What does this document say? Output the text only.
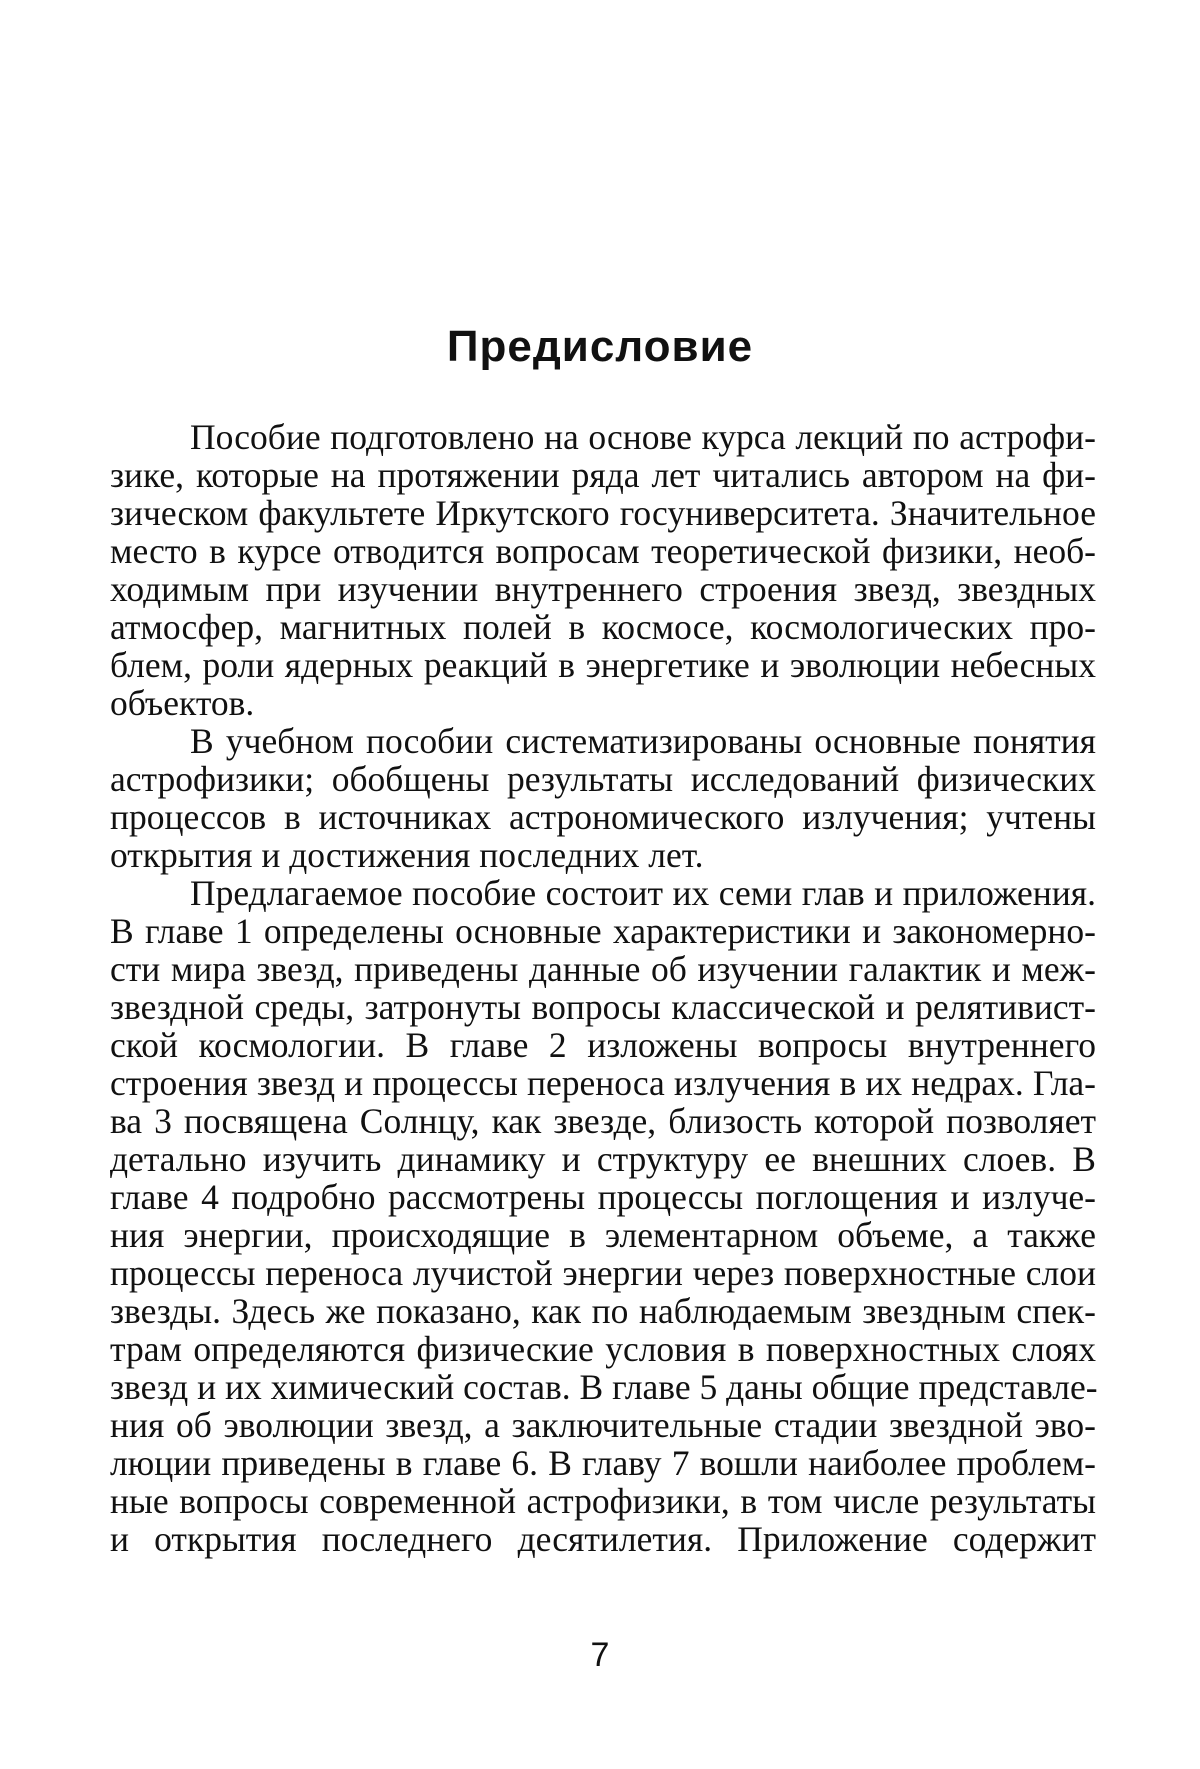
Предисловие
Пособие подготовлено на основе курса лекций по астрофи-
зике, которые на протяжении ряда лет читались автором на фи-
зическом факультете Иркутского госуниверситета. Значительное
место в курсе отводится вопросам теоретической физики, необ-
ходимым при изучении внутреннего строения звезд, звездных
атмосфер, магнитных полей в космосе, космологических про-
блем, роли ядерных реакций в энергетике и эволюции небесных
объектов.
В учебном пособии систематизированы основные понятия
астрофизики; обобщены результаты исследований физических
процессов в источниках астрономического излучения; учтены
открытия и достижения последних лет.
Предлагаемое пособие состоит их семи глав и приложения.
В главе 1 определены основные характеристики и закономерно-
сти мира звезд, приведены данные об изучении галактик и меж-
звездной среды, затронуты вопросы классической и релятивист-
ской космологии. В главе 2 изложены вопросы внутреннего
строения звезд и процессы переноса излучения в их недрах. Гла-
ва 3 посвящена Солнцу, как звезде, близость которой позволяет
детально изучить динамику и структуру ее внешних слоев. В
главе 4 подробно рассмотрены процессы поглощения и излуче-
ния энергии, происходящие в элементарном объеме, а также
процессы переноса лучистой энергии через поверхностные слои
звезды. Здесь же показано, как по наблюдаемым звездным спек-
трам определяются физические условия в поверхностных слоях
звезд и их химический состав. В главе 5 даны общие представле-
ния об эволюции звезд, а заключительные стадии звездной эво-
люции приведены в главе 6. В главу 7 вошли наиболее проблем-
ные вопросы современной астрофизики, в том числе результаты
и открытия последнего десятилетия. Приложение содержит
7
